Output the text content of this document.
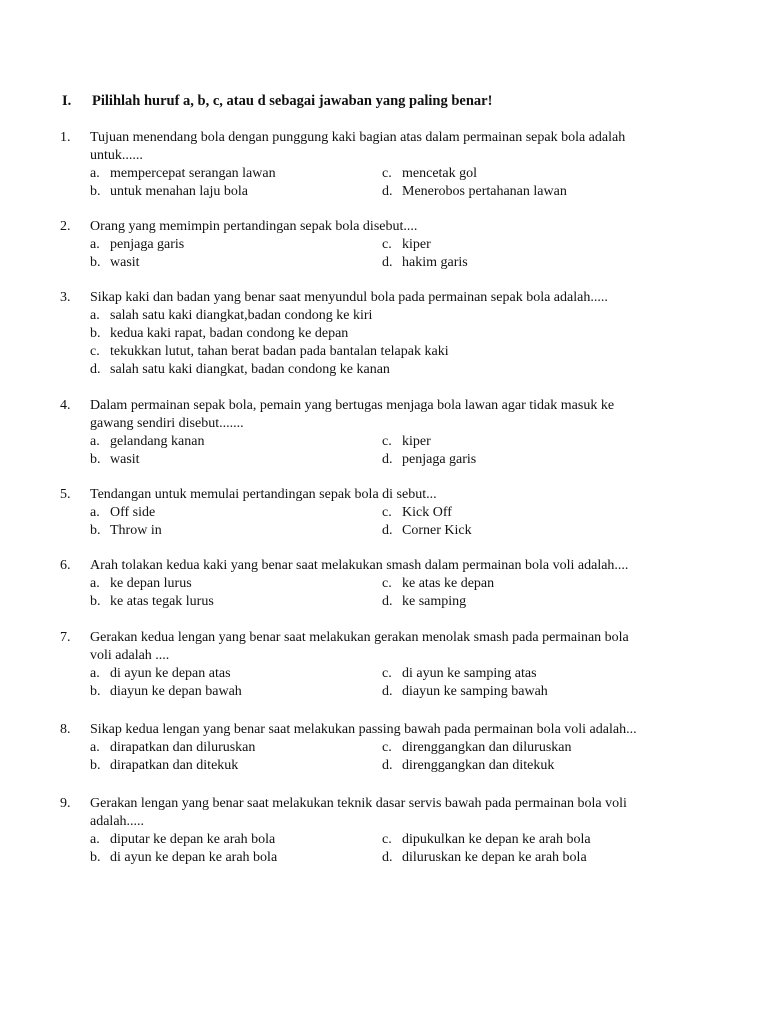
I. Pilihlah huruf a, b, c, atau d sebagai jawaban yang paling benar!
1. Tujuan menendang bola dengan punggung kaki bagian atas dalam permainan sepak bola adalah
untuk......
a. mempercepat serangan lawan	c. mencetak gol
b. untuk menahan laju bola	d. Menerobos pertahanan lawan
2. Orang yang memimpin pertandingan sepak bola disebut....
a. penjaga garis	c. kiper
b. wasit	d. hakim garis
3. Sikap kaki dan badan yang benar saat menyundul bola pada permainan sepak bola adalah.....
a. salah satu kaki diangkat,badan condong ke kiri
b. kedua kaki rapat, badan condong ke depan
c. tekukkan lutut, tahan berat badan pada bantalan telapak kaki
d. salah satu kaki diangkat, badan condong ke kanan
4. Dalam permainan sepak bola, pemain yang bertugas menjaga bola lawan agar tidak masuk ke
gawang sendiri disebut.......
a. gelandang kanan	c. kiper
b. wasit	d. penjaga garis
5. Tendangan untuk memulai pertandingan sepak bola di sebut...
a. Off side	c. Kick Off
b. Throw in	d. Corner Kick
6. Arah tolakan kedua kaki yang benar saat melakukan smash dalam permainan bola voli adalah....
a. ke depan lurus	c. ke atas ke depan
b. ke atas tegak lurus	d. ke samping
7. Gerakan kedua lengan yang benar saat melakukan gerakan menolak smash pada permainan bola
voli adalah ....
a. di ayun ke depan atas	c. di ayun ke samping atas
b. diayun ke depan bawah	d. diayun ke samping bawah
8. Sikap kedua lengan yang benar saat melakukan passing bawah pada permainan bola voli adalah...
a. dirapatkan dan diluruskan	c. direnggangkan dan diluruskan
b. dirapatkan dan ditekuk	d. direnggangkan dan ditekuk
9. Gerakan lengan yang benar saat melakukan teknik dasar servis bawah pada permainan bola voli
adalah.....
a. diputar ke depan ke arah bola	c. dipukulkan ke depan ke arah bola
b. di ayun ke depan ke arah bola	d. diluruskan ke depan ke arah bola
